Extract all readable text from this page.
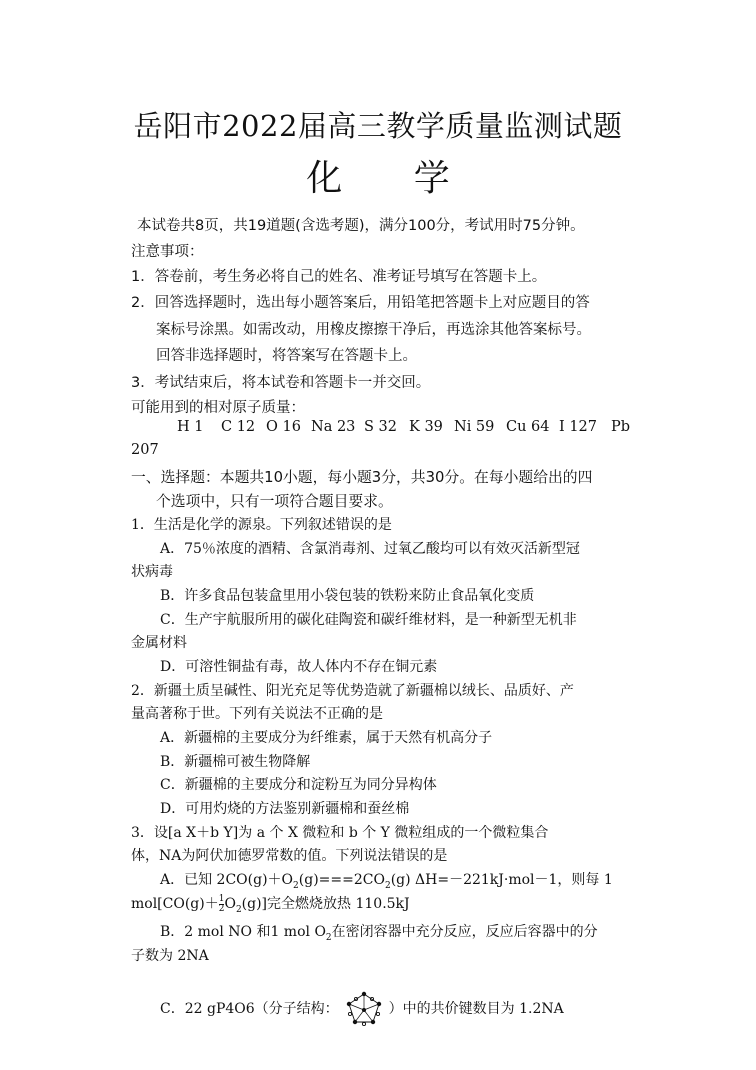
岳阳市2022届高三教学质量监测试题
化 学
本试卷共8页，共19道题(含选考题)，满分100分，考试用时75分钟。
注意事项：
1．答卷前，考生务必将自己的姓名、准考证号填写在答题卡上。
2．回答选择题时，选出每小题答案后，用铅笔把答题卡上对应题目的答
案标号涂黑。如需改动，用橡皮擦擦干净后，再选涂其他答案标号。
回答非选择题时，将答案写在答题卡上。
3．考试结束后，将本试卷和答题卡一并交回。
可能用到的相对原子质量：
H 1 C 12 O 16 Na 23 S 32 K 39 Ni 59 Cu 64 I 127 Pb
207
一、选择题：本题共10小题，每小题3分，共30分。在每小题给出的四
个选项中，只有一项符合题目要求。
1．生活是化学的源泉。下列叙述错误的是
A．75％浓度的酒精、含氯消毒剂、过氧乙酸均可以有效灭活新型冠
状病毒
B．许多食品包装盒里用小袋包装的铁粉来防止食品氧化变质
C．生产宇航服所用的碳化硅陶瓷和碳纤维材料，是一种新型无机非
金属材料
D．可溶性铜盐有毒，故人体内不存在铜元素
2．新疆土质呈碱性、阳光充足等优势造就了新疆棉以绒长、品质好、产
量高著称于世。下列有关说法不正确的是
A．新疆棉的主要成分为纤维素，属于天然有机高分子
B．新疆棉可被生物降解
C．新疆棉的主要成分和淀粉互为同分异构体
D．可用灼烧的方法鉴别新疆棉和蚕丝棉
3．设[a X＋b Y]为 a 个 X 微粒和 b 个 Y 微粒组成的一个微粒集合
体，NA为阿伏加德罗常数的值。下列说法错误的是
A．已知 $2CO(g)+O_2(g)===2CO_2(g)$ ΔH=－221kJ·mol－1，则每 1
$mol[CO(g)+ \frac{1}{2}O_2(g)]$完全燃烧放热 110.5kJ
B．2 mol NO 和1 mol $O_2$在密闭容器中充分反应，反应后容器中的分
子数为 2NA
C．22 gP4O6（分子结构：	）中的共价键数目为 1.2NA
